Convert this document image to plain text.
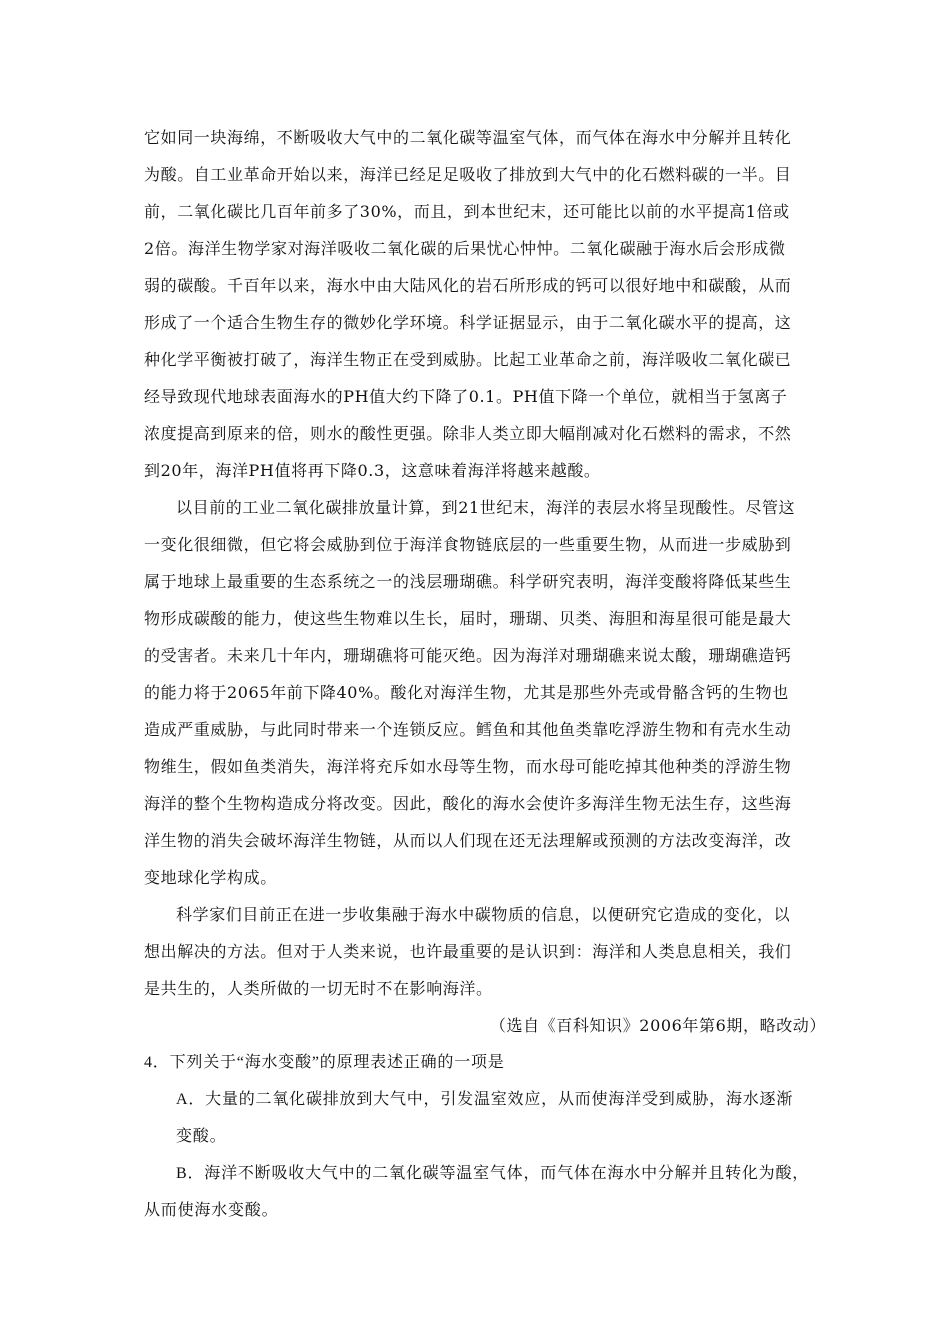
它如同一块海绵，不断吸收大气中的二氧化碳等温室气体，而气体在海水中分解并且转化
为酸。自工业革命开始以来，海洋已经足足吸收了排放到大气中的化石燃料碳的一半。目
前，二氧化碳比几百年前多了30%，而且，到本世纪末，还可能比以前的水平提高1倍或
2倍。海洋生物学家对海洋吸收二氧化碳的后果忧心忡忡。二氧化碳融于海水后会形成微
弱的碳酸。千百年以来，海水中由大陆风化的岩石所形成的钙可以很好地中和碳酸，从而
形成了一个适合生物生存的微妙化学环境。科学证据显示，由于二氧化碳水平的提高，这
种化学平衡被打破了，海洋生物正在受到威胁。比起工业革命之前，海洋吸收二氧化碳已
经导致现代地球表面海水的PH值大约下降了0.1。PH值下降一个单位，就相当于氢离子
浓度提高到原来的倍，则水的酸性更强。除非人类立即大幅削减对化石燃料的需求，不然
到20年，海洋PH值将再下降0.3，这意味着海洋将越来越酸。
以目前的工业二氧化碳排放量计算，到21世纪末，海洋的表层水将呈现酸性。尽管这
一变化很细微，但它将会威胁到位于海洋食物链底层的一些重要生物，从而进一步威胁到
属于地球上最重要的生态系统之一的浅层珊瑚礁。科学研究表明，海洋变酸将降低某些生
物形成碳酸的能力，使这些生物难以生长，届时，珊瑚、贝类、海胆和海星很可能是最大
的受害者。未来几十年内，珊瑚礁将可能灭绝。因为海洋对珊瑚礁来说太酸，珊瑚礁造钙
的能力将于2065年前下降40%。酸化对海洋生物，尤其是那些外壳或骨骼含钙的生物也
造成严重威胁，与此同时带来一个连锁反应。鳕鱼和其他鱼类靠吃浮游生物和有壳水生动
物维生，假如鱼类消失，海洋将充斥如水母等生物，而水母可能吃掉其他种类的浮游生物
海洋的整个生物构造成分将改变。因此，酸化的海水会使许多海洋生物无法生存，这些海
洋生物的消失会破坏海洋生物链，从而以人们现在还无法理解或预测的方法改变海洋，改
变地球化学构成。
科学家们目前正在进一步收集融于海水中碳物质的信息，以便研究它造成的变化，以
想出解决的方法。但对于人类来说，也许最重要的是认识到：海洋和人类息息相关，我们
是共生的，人类所做的一切无时不在影响海洋。
（选自《百科知识》2006年第6期，略改动）
4．下列关于“海水变酸”的原理表述正确的一项是
A．大量的二氧化碳排放到大气中，引发温室效应，从而使海洋受到威胁，海水逐渐
变酸。
B．海洋不断吸收大气中的二氧化碳等温室气体，而气体在海水中分解并且转化为酸，
从而使海水变酸。
